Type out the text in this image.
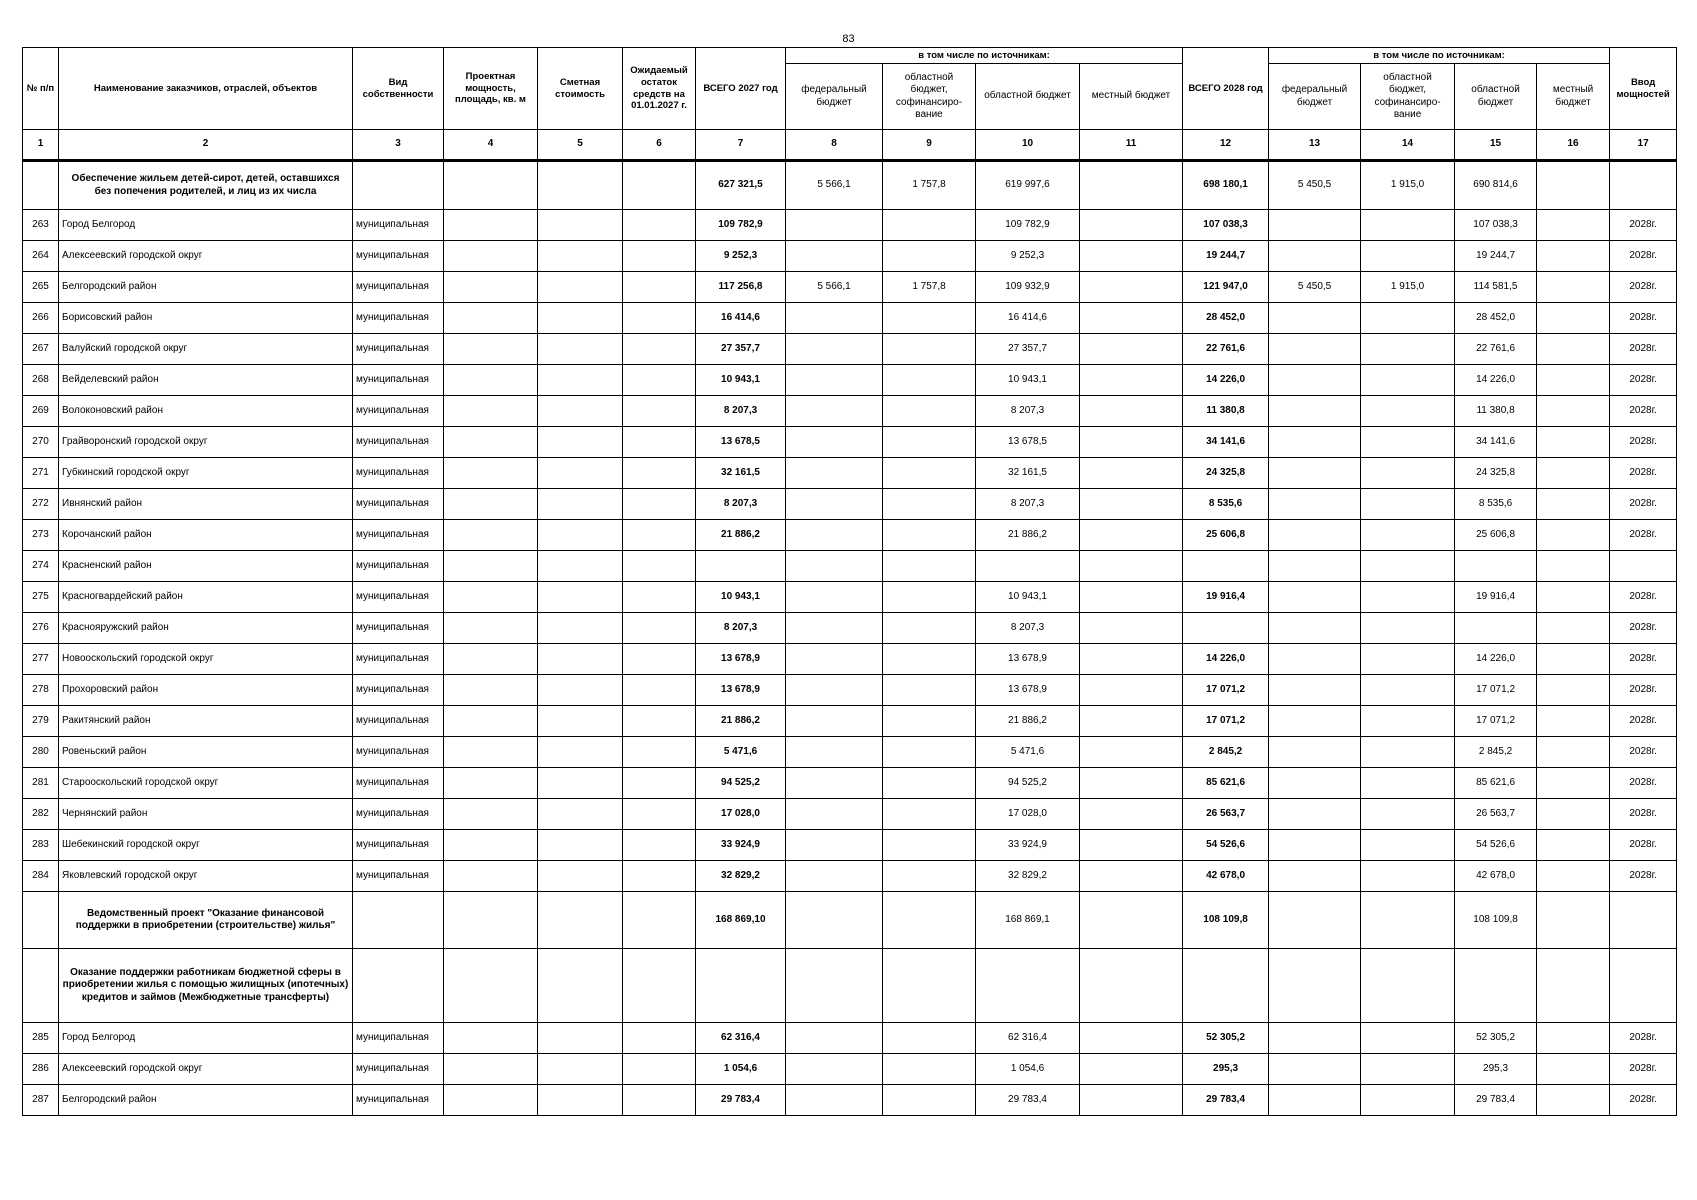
83
№ п/п	Наименование заказчиков, отраслей, объектов	Вид собственности	Проектная мощность, площадь, кв. м	Сметная стоимость	Ожидаемый остаток средств на 01.01.2027 г.	ВСЕГО 2027 год	в том числе по источникам:				ВСЕГО 2028 год	в том числе по источникам:				Ввод мощностей
							федеральный бюджет	областной бюджет, софинансиро-вание	областной бюджет	местный бюджет		федеральный бюджет	областной бюджет, софинансиро-вание	областной бюджет	местный бюджет	
1	2	3	4	5	6	7	8	9	10	11	12	13	14	15	16	17
	Обеспечение жильем детей-сирот, детей, оставшихся без попечения родителей, и лиц из их числа					627 321,5	5 566,1	1 757,8	619 997,6		698 180,1	5 450,5	1 915,0	690 814,6		
263	Город Белгород	муниципальная				109 782,9			109 782,9		107 038,3			107 038,3		2028г.
264	Алексеевский городской округ	муниципальная				9 252,3			9 252,3		19 244,7			19 244,7		2028г.
265	Белгородский район	муниципальная				117 256,8	5 566,1	1 757,8	109 932,9		121 947,0	5 450,5	1 915,0	114 581,5		2028г.
266	Борисовский район	муниципальная				16 414,6			16 414,6		28 452,0			28 452,0		2028г.
267	Валуйский городской округ	муниципальная				27 357,7			27 357,7		22 761,6			22 761,6		2028г.
268	Вейделевский район	муниципальная				10 943,1			10 943,1		14 226,0			14 226,0		2028г.
269	Волоконовский район	муниципальная				8 207,3			8 207,3		11 380,8			11 380,8		2028г.
270	Грайворонский городской округ	муниципальная				13 678,5			13 678,5		34 141,6			34 141,6		2028г.
271	Губкинский городской округ	муниципальная				32 161,5			32 161,5		24 325,8			24 325,8		2028г.
272	Ивнянский район	муниципальная				8 207,3			8 207,3		8 535,6			8 535,6		2028г.
273	Корочанский район	муниципальная				21 886,2			21 886,2		25 606,8			25 606,8		2028г.
274	Красненский район	муниципальная														
275	Красногвардейский район	муниципальная				10 943,1			10 943,1		19 916,4			19 916,4		2028г.
276	Краснояружский район	муниципальная				8 207,3			8 207,3							2028г.
277	Новооскольский городской округ	муниципальная				13 678,9			13 678,9		14 226,0			14 226,0		2028г.
278	Прохоровский район	муниципальная				13 678,9			13 678,9		17 071,2			17 071,2		2028г.
279	Ракитянский район	муниципальная				21 886,2			21 886,2		17 071,2			17 071,2		2028г.
280	Ровеньский район	муниципальная				5 471,6			5 471,6		2 845,2			2 845,2		2028г.
281	Старооскольский городской округ	муниципальная				94 525,2			94 525,2		85 621,6			85 621,6		2028г.
282	Чернянский район	муниципальная				17 028,0			17 028,0		26 563,7			26 563,7		2028г.
283	Шебекинский городской округ	муниципальная				33 924,9			33 924,9		54 526,6			54 526,6		2028г.
284	Яковлевский городской округ	муниципальная				32 829,2			32 829,2		42 678,0			42 678,0		2028г.
	Ведомственный проект "Оказание финансовой поддержки в приобретении (строительстве) жилья"					168 869,10			168 869,1		108 109,8			108 109,8		
	Оказание поддержки работникам бюджетной сферы в приобретении жилья с помощью жилищных (ипотечных) кредитов и займов (Межбюджетные трансферты)															
285	Город Белгород	муниципальная				62 316,4			62 316,4		52 305,2			52 305,2		2028г.
286	Алексеевский городской округ	муниципальная				1 054,6			1 054,6		295,3			295,3		2028г.
287	Белгородский район	муниципальная				29 783,4			29 783,4		29 783,4			29 783,4		2028г.
